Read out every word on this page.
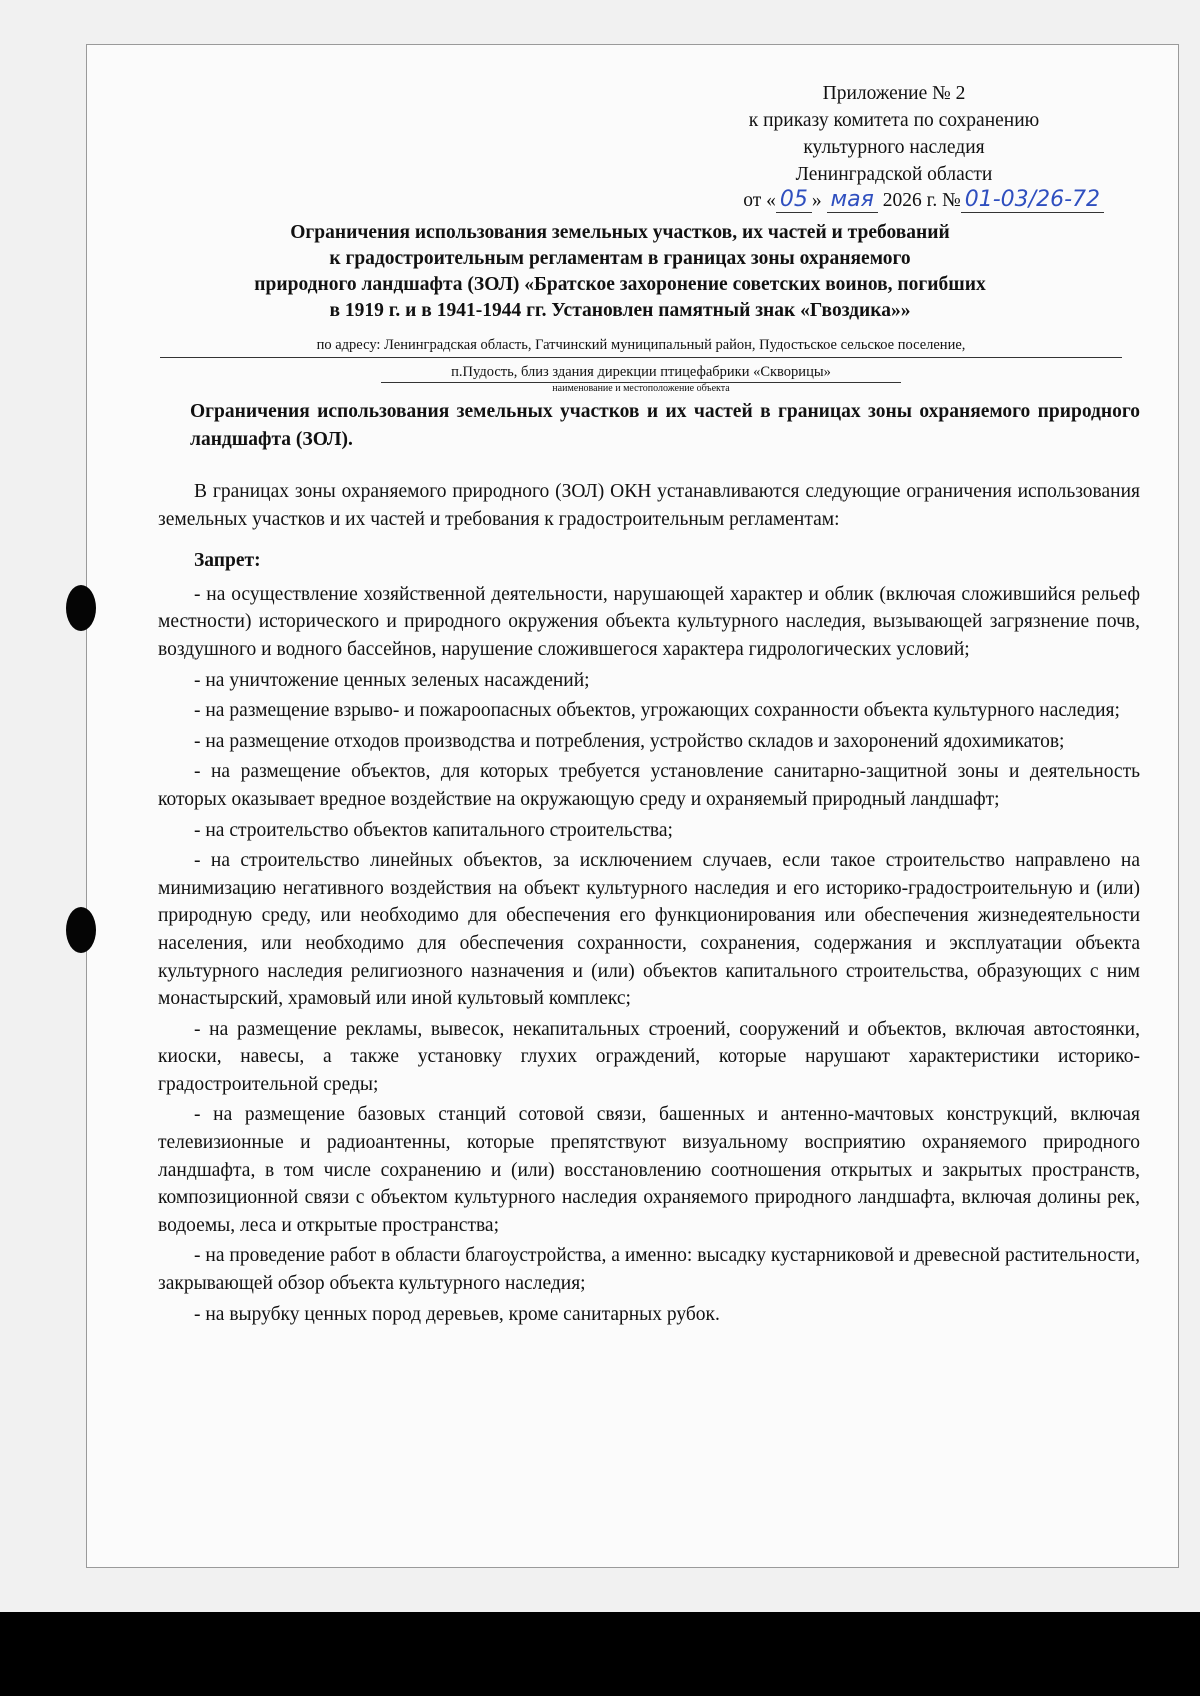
Приложение № 2
к приказу комитета по сохранению
культурного наследия
Ленинградской области
от « 05 » мая 2026 г. № 01-03/26-72
Ограничения использования земельных участков, их частей и требований
к градостроительным регламентам в границах зоны охраняемого
природного ландшафта (ЗОЛ) «Братское захоронение советских воинов, погибших
в 1919 г. и в 1941-1944 гг. Установлен памятный знак «Гвоздика»»
по адресу: Ленинградская область, Гатчинский муниципальный район, Пудостьское сельское поселение,
п.Пудость, близ здания дирекции птицефабрики «Скворицы»
наименование и местоположение объекта
Ограничения использования земельных участков и их частей в границах зоны охраняемого природного ландшафта (ЗОЛ).

В границах зоны охраняемого природного (ЗОЛ) ОКН устанавливаются следующие ограничения использования земельных участков и их частей и требования к градостроительным регламентам:

Запрет:

- на осуществление хозяйственной деятельности, нарушающей характер и облик (включая сложившийся рельеф местности) исторического и природного окружения объекта культурного наследия, вызывающей загрязнение почв, воздушного и водного бассейнов, нарушение сложившегося характера гидрологических условий;

- на уничтожение ценных зеленых насаждений;

- на размещение взрыво- и пожароопасных объектов, угрожающих сохранности объекта культурного наследия;

- на размещение отходов производства и потребления, устройство складов и захоронений ядохимикатов;

- на размещение объектов, для которых требуется установление санитарно-защитной зоны и деятельность которых оказывает вредное воздействие на окружающую среду и охраняемый природный ландшафт;

- на строительство объектов капитального строительства;

- на строительство линейных объектов, за исключением случаев, если такое строительство направлено на минимизацию негативного воздействия на объект культурного наследия и его историко-градостроительную и (или) природную среду, или необходимо для обеспечения его функционирования или обеспечения жизнедеятельности населения, или необходимо для обеспечения сохранности, сохранения, содержания и эксплуатации объекта культурного наследия религиозного назначения и (или) объектов капитального строительства, образующих с ним монастырский, храмовый или иной культовый комплекс;

- на размещение рекламы, вывесок, некапитальных строений, сооружений и объектов, включая автостоянки, киоски, навесы, а также установку глухих ограждений, которые нарушают характеристики историко-градостроительной среды;

- на размещение базовых станций сотовой связи, башенных и антенно-мачтовых конструкций, включая телевизионные и радиоантенны, которые препятствуют визуальному восприятию охраняемого природного ландшафта, в том числе сохранению и (или) восстановлению соотношения открытых и закрытых пространств, композиционной связи с объектом культурного наследия охраняемого природного ландшафта, включая долины рек, водоемы, леса и открытые пространства;

- на проведение работ в области благоустройства, а именно: высадку кустарниковой и древесной растительности, закрывающей обзор объекта культурного наследия;

- на вырубку ценных пород деревьев, кроме санитарных рубок.
